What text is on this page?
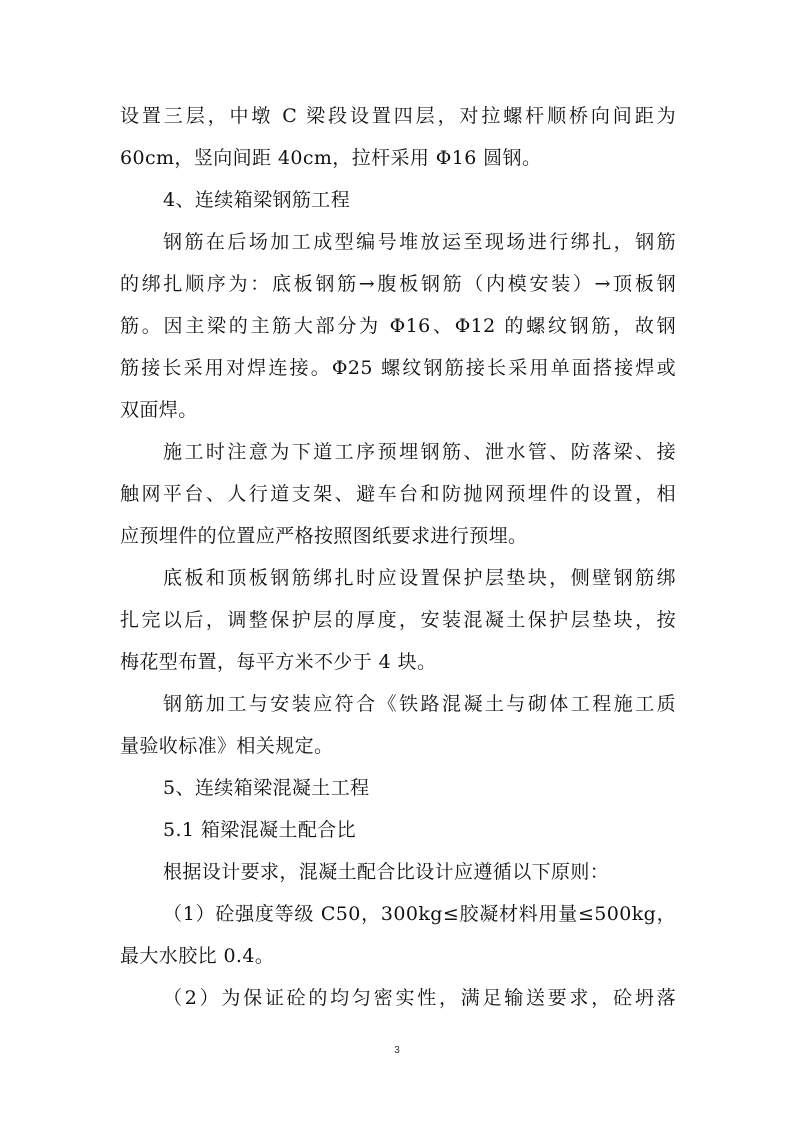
设置三层，中墩 C 梁段设置四层，对拉螺杆顺桥向间距为
60cm，竖向间距 40cm，拉杆采用 Φ16 圆钢。
4、连续箱梁钢筋工程
钢筋在后场加工成型编号堆放运至现场进行绑扎，钢筋
的绑扎顺序为：底板钢筋→腹板钢筋（内模安装）→顶板钢
筋。因主梁的主筋大部分为 Φ16、Φ12 的螺纹钢筋，故钢
筋接长采用对焊连接。Φ25 螺纹钢筋接长采用单面搭接焊或
双面焊。
施工时注意为下道工序预埋钢筋、泄水管、防落梁、接
触网平台、人行道支架、避车台和防抛网预埋件的设置，相
应预埋件的位置应严格按照图纸要求进行预埋。
底板和顶板钢筋绑扎时应设置保护层垫块，侧壁钢筋绑
扎完以后，调整保护层的厚度，安装混凝土保护层垫块，按
梅花型布置，每平方米不少于 4 块。
钢筋加工与安装应符合《铁路混凝土与砌体工程施工质
量验收标准》相关规定。
5、连续箱梁混凝土工程
5.1 箱梁混凝土配合比
根据设计要求，混凝土配合比设计应遵循以下原则：
（1）砼强度等级 C50，300kg≤胶凝材料用量≤500kg，
最大水胶比 0.4。
（2）为保证砼的均匀密实性，满足输送要求，砼坍落
3
